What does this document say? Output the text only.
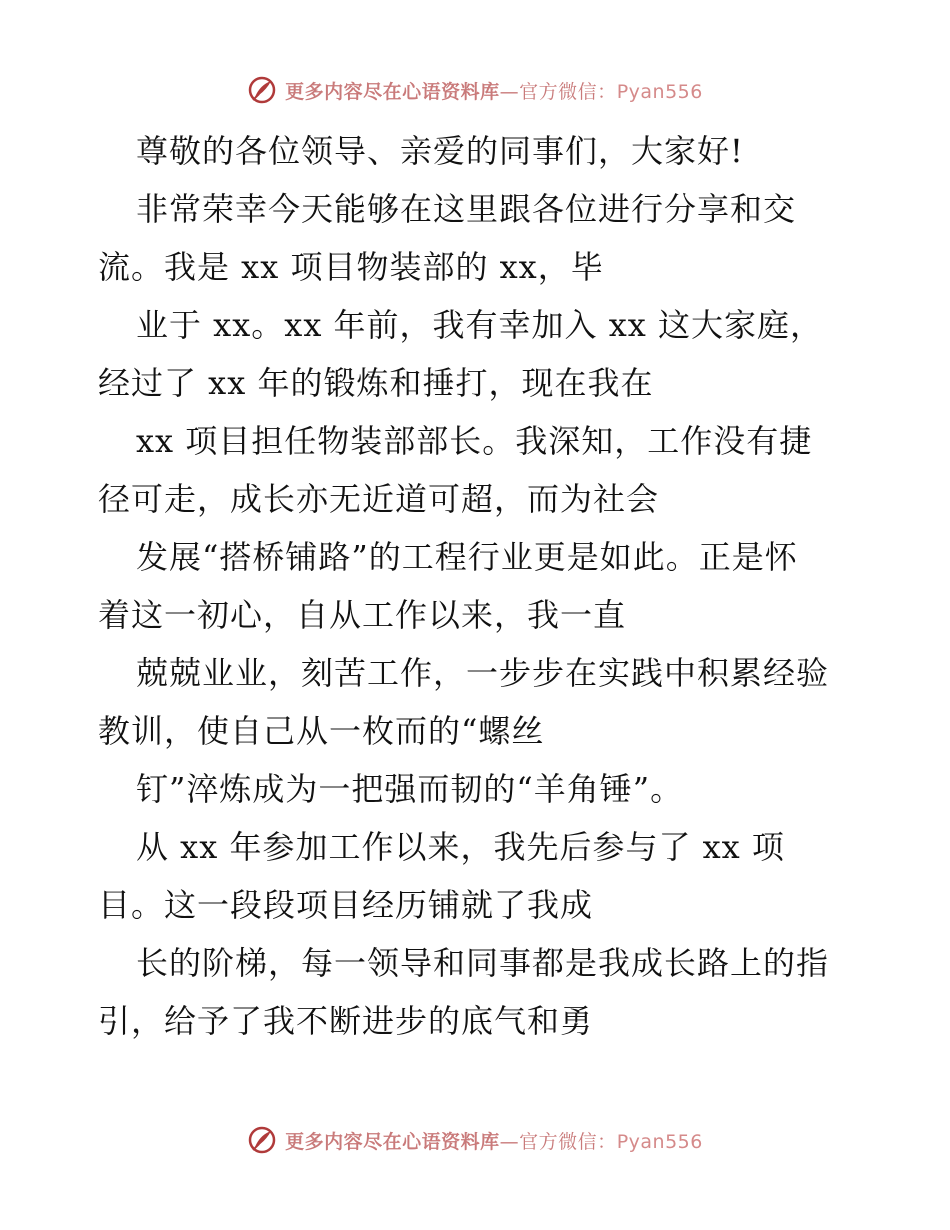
更多内容尽在心语资料库—官方微信：Pyan556
尊敬的各位领导、亲爱的同事们，大家好!
非常荣幸今天能够在这里跟各位进行分享和交
流。我是 xx 项目物装部的 xx，毕
业于 xx。xx 年前，我有幸加入 xx 这大家庭，
经过了 xx 年的锻炼和捶打，现在我在
xx 项目担任物装部部长。我深知，工作没有捷
径可走，成长亦无近道可超，而为社会
发展“搭桥铺路”的工程行业更是如此。正是怀
着这一初心，自从工作以来，我一直
兢兢业业，刻苦工作，一步步在实践中积累经验
教训，使自己从一枚而的“螺丝
钉”淬炼成为一把强而韧的“羊角锤”。
从 xx 年参加工作以来，我先后参与了 xx 项
目。这一段段项目经历铺就了我成
长的阶梯，每一领导和同事都是我成长路上的指
引，给予了我不断进步的底气和勇
更多内容尽在心语资料库—官方微信：Pyan556
